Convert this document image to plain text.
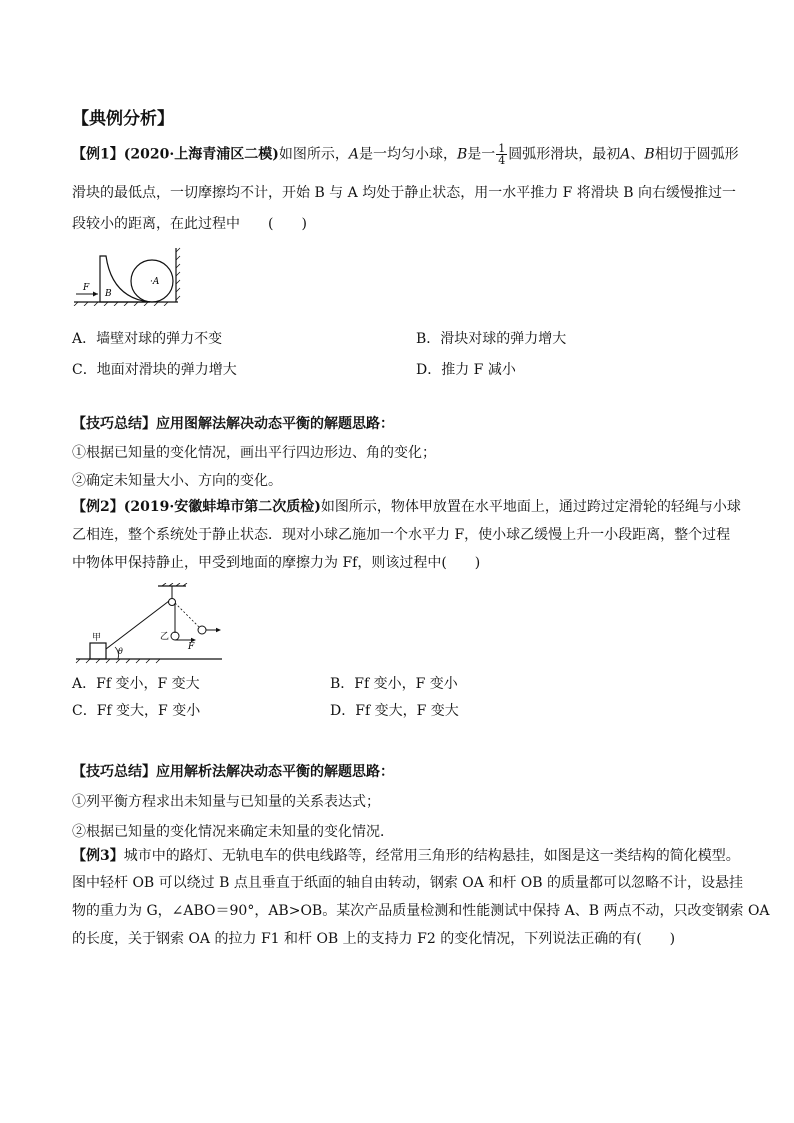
【典例分析】
【例1】(2020·上海青浦区二模)如图所示，A是一均匀小球，B是一 $\frac{1}{4}$ 圆弧形滑块，最初A、B相切于圆弧形
滑块的最低点，一切摩擦均不计，开始 B 与 A 均处于静止状态，用一水平推力 F 将滑块 B 向右缓慢推过一
段较小的距离，在此过程中　　(　　)
F
B
·A
A．墙壁对球的弹力不变	B．滑块对球的弹力增大
C．地面对滑块的弹力增大	D．推力 F 减小
【技巧总结】应用图解法解决动态平衡的解题思路：
①根据已知量的变化情况，画出平行四边形边、角的变化；
②确定未知量大小、方向的变化。
【例2】(2019·安徽蚌埠市第二次质检)如图所示，物体甲放置在水平地面上，通过跨过定滑轮的轻绳与小球
乙相连，整个系统处于静止状态．现对小球乙施加一个水平力 F，使小球乙缓慢上升一小段距离，整个过程
中物体甲保持静止，甲受到地面的摩擦力为 Ff，则该过程中(　　)
甲
θ
乙
F
A．Ff 变小，F 变大	B．Ff 变小，F 变小
C．Ff 变大，F 变小	D．Ff 变大，F 变大
【技巧总结】应用解析法解决动态平衡的解题思路：
①列平衡方程求出未知量与已知量的关系表达式；
②根据已知量的变化情况来确定未知量的变化情况．
【例3】城市中的路灯、无轨电车的供电线路等，经常用三角形的结构悬挂，如图是这一类结构的简化模型。
图中轻杆 OB 可以绕过 B 点且垂直于纸面的轴自由转动，钢索 OA 和杆 OB 的质量都可以忽略不计，设悬挂
物的重力为 G，∠ABO＝90°，AB>OB。某次产品质量检测和性能测试中保持 A、B 两点不动，只改变钢索 OA
的长度，关于钢索 OA 的拉力 F1 和杆 OB 上的支持力 F2 的变化情况，下列说法正确的有(　　)
